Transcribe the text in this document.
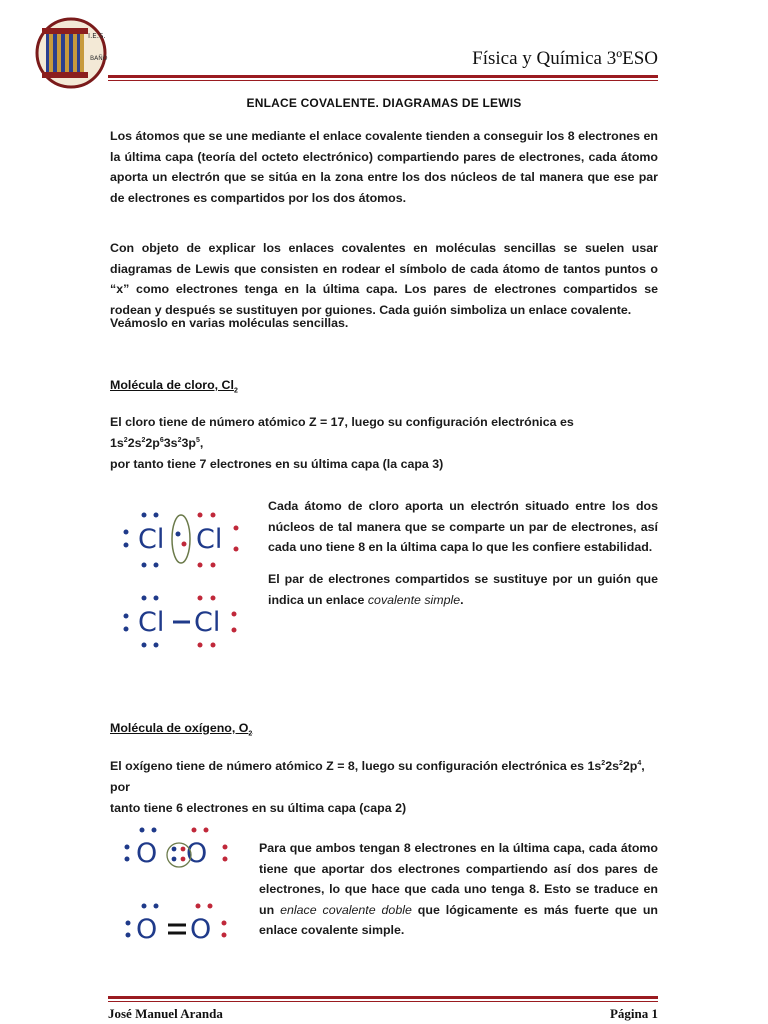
I.E.S.
BAÑO	Física y Química 3ºESO
ENLACE COVALENTE. DIAGRAMAS DE LEWIS
Los átomos que se une mediante el enlace covalente tienden a conseguir los 8 electrones en la última capa (teoría del octeto electrónico) compartiendo pares de electrones, cada átomo aporta un electrón que se sitúa en la zona entre los dos núcleos de tal manera que ese par de electrones es compartidos por los dos átomos.
Con objeto de explicar los enlaces covalentes en moléculas sencillas se suelen usar diagramas de Lewis que consisten en rodear el símbolo de cada átomo de tantos puntos o “x” como electrones tenga en la última capa. Los pares de electrones compartidos se rodean y después se sustituyen por guiones. Cada guión simboliza un enlace covalente.
Veámoslo en varias moléculas sencillas.
Molécula de cloro, $Cl_2$
El cloro tiene de número atómico Z = 17, luego su configuración electrónica es $1s^22s^22p^63s^23p^5$,
por tanto tiene 7 electrones en su última capa (la capa 3)
Cl Cl
Cada átomo de cloro aporta un electrón situado entre los dos núcleos de tal manera que se comparte un par de electrones, así cada uno tiene 8 en la última capa lo que les confiere estabilidad.
Cl Cl
El par de electrones compartidos se sustituye por un guión que indica un enlace covalente simple.
Molécula de oxígeno, $O_2$
El oxígeno tiene de número atómico Z = 8, luego su configuración electrónica es $1s^22s^22p^4$, por
tanto tiene 6 electrones en su última capa (capa 2)
O O	Para que ambos tengan 8 electrones en la última capa, cada átomo tiene que aportar dos electrones compartiendo así dos pares de electrones, lo que hace que cada uno tenga 8. Esto se traduce en un enlace covalente doble que lógicamente es más fuerte que un enlace covalente simple.
O O
José Manuel Aranda	Página 1
